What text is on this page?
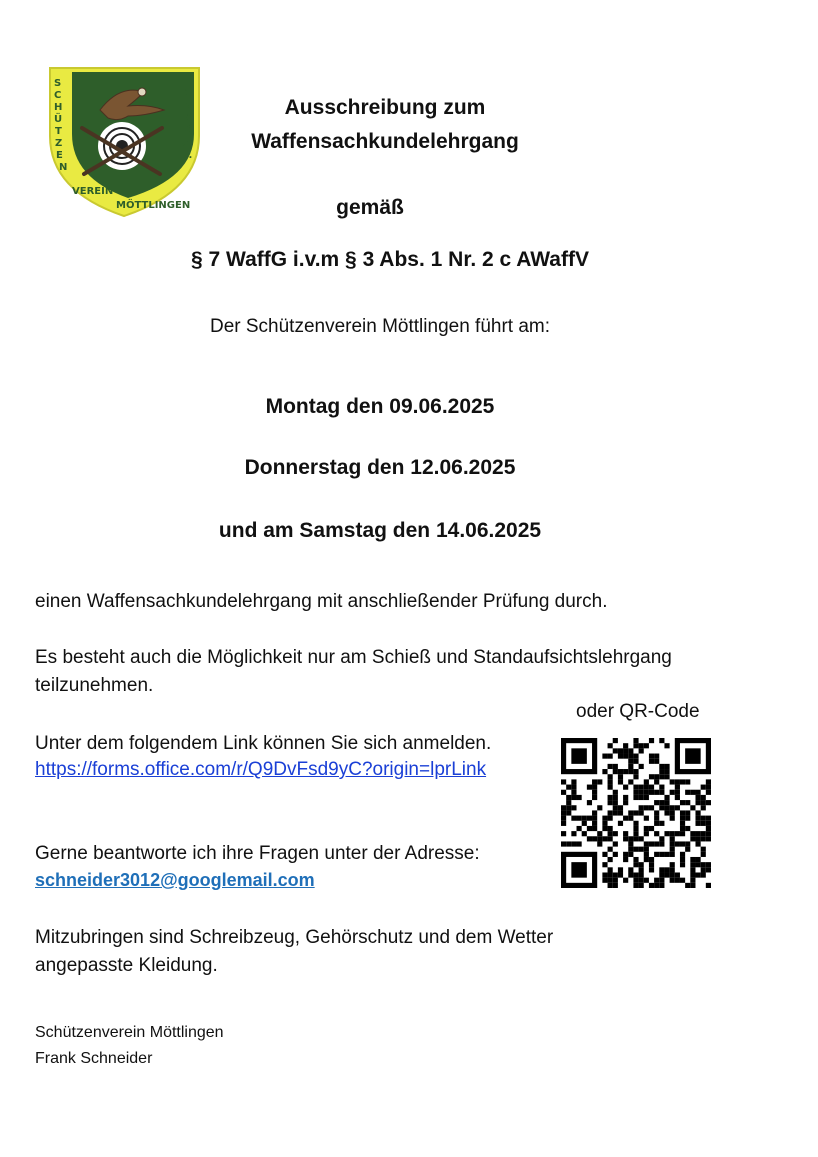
S C H Ü T Z E N
VEREINMÖTTLINGEN
1 9 7 3 e. V.
Ausschreibung zum
Waffensachkundelehrgang
gemäß
§ 7 WaffG i.v.m § 3 Abs. 1 Nr. 2 c AWaffV
Der Schützenverein Möttlingen führt am:
Montag den 09.06.2025
Donnerstag den 12.06.2025
und am Samstag den 14.06.2025
einen Waffensachkundelehrgang mit anschließender Prüfung durch.
Es besteht auch die Möglichkeit nur am Schieß und Standaufsichtslehrgang
teilzunehmen.
oder QR-Code
Unter dem folgendem Link können Sie sich anmelden.
https://forms.office.com/r/Q9DvFsd9yC?origin=lprLink
Gerne beantworte ich ihre Fragen unter der Adresse:
schneider3012@googlemail.com
Mitzubringen sind Schreibzeug, Gehörschutz und dem Wetter
angepasste Kleidung.
Schützenverein Möttlingen
Frank Schneider
